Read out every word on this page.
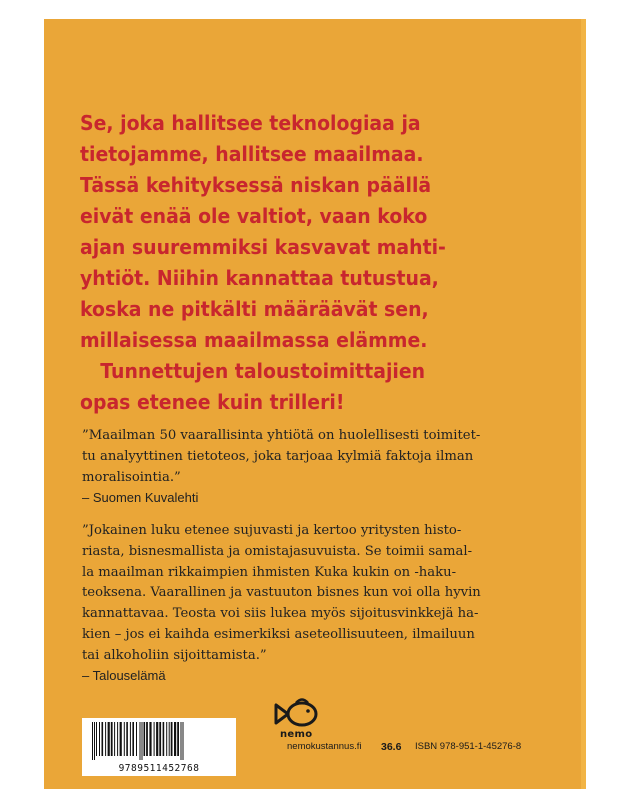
Se, joka hallitsee teknologiaa ja
tietojamme, hallitsee maailmaa.
Tässä kehityksessä niskan päällä
eivät enää ole valtiot, vaan koko
ajan suuremmiksi kasvavat mahti-
yhtiöt. Niihin kannattaa tutustua,
koska ne pitkälti määräävät sen,
millaisessa maailmassa elämme.
Tunnettujen taloustoimittajien
opas etenee kuin trilleri!
”Maailman 50 vaarallisinta yhtiötä on huolellisesti toimitet-
tu analyyttinen tietoteos, joka tarjoaa kylmiä faktoja ilman
moralisointia.”
– Suomen Kuvalehti
”Jokainen luku etenee sujuvasti ja kertoo yritysten histo-
riasta, bisnesmallista ja omistajasuvuista. Se toimii samal-
la maailman rikkaimpien ihmisten Kuka kukin on -haku-
teoksena. Vaarallinen ja vastuuton bisnes kun voi olla hyvin
kannattavaa. Teosta voi siis lukea myös sijoitusvinkkejä ha-
kien – jos ei kaihda esimerkiksi aseteollisuuteen, ilmailuun
tai alkoholiin sijoittamista.”
– Talouselämä
nemo
9789511452768
nemokustannus.fi 36.6 ISBN 978-951-1-45276-8
